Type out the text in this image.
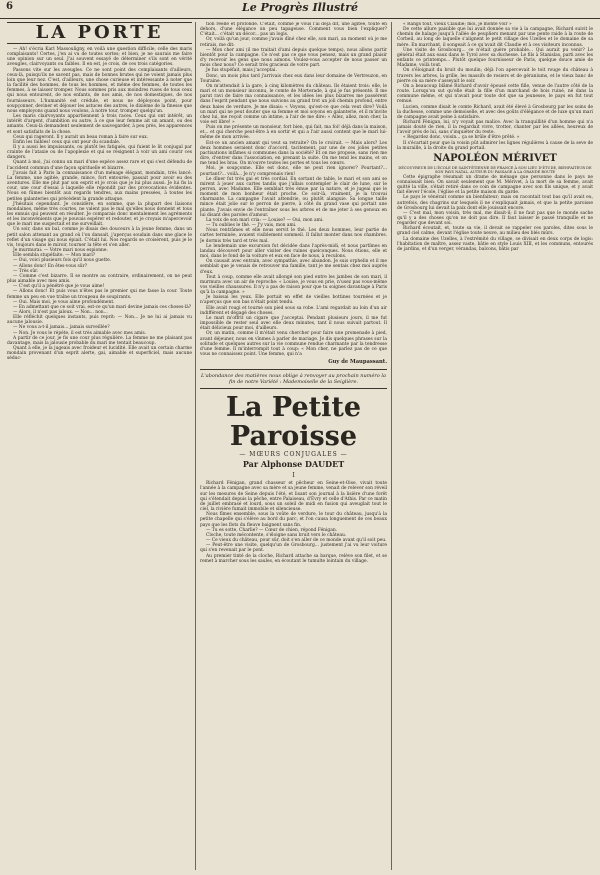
6	Le Progrès Illustré
LA PORTE

— Ah! s'écria Karl Massouligny, en voilà une question difficile, celle des maris complaisants! Certes, j'en ai vu de toutes sortes; et bien, je ne saurais me faire une opinion sur un seul. J'ai souvent essayé de déterminer s'ils sont en vérité aveugles, clairvoyants ou faibles. Il en est, je crois, de ces trois catégories.

Passons vite sur les aveugles. Ce ne sont point des complaisants d'ailleurs, ceux-là, puisqu'ils ne savent pas, mais de bonnes brutes qui ne voient jamais plus loin que leur nez. C'est, d'ailleurs, une chose curieuse et intéressante à noter que la facilité des hommes, de tous les hommes, et même des femmes, de toutes les femmes, à se laisser tromper. Nous sommes pris aux moindres ruses de tous ceux qui nous entourent, de nos enfants, de nos amis, de nos domestiques, de nos fournisseurs. L'humanité est crédule, et nous ne déployons point, pour soupçonner, deviner et déjouer les astuces des autres, le dixième de la finesse que nous employons quand nous voulons, à notre tour, tromper quelqu'un.

Les maris clairvoyants appartiennent à trois races. Ceux qui ont intérêt, un intérêt d'argent, d'ambition ou autre, à ce que leur femme ait un amant, ou des amants. Ceux-là demandent seulement de sauvegarder, à peu près, les apparences et sont satisfaits de la chose.

Ceux qui rageront. Il y aurait un beau roman à faire sur eux.

Enfin les faibles! ceux qui ont peur du scandale.

Il y a aussi les impuissants, ou plutôt les fatigués, qui fuient le lit conjugal par crainte de l'ataxie ou de l'apoplexie et qui se résignent à voir un ami courir ces dangers.

Quant à moi, j'ai connu un mari d'une espèce assez rare et qui s'est défendu de l'accident commun d'une façon spirituelle et bizarre.

J'avais fait à Paris la connaissance d'un ménage élégant, mondain, très lancé. La femme, une agitée, grande, mince, fort entourée, passait pour avoir eu des aventures. Elle me plut par son esprit et je crois que je lui plus aussi. Je lui fis la cour, une cour d'essai à laquelle elle répondit par des provocations évidentes. Nous en fûmes bientôt aux regards tendres, aux mains pressées, à toutes les petites galanteries qui précèdent la grande attaque.

J'hésitais cependant. Je considère, en somme, que la plupart des liaisons mondaines, même très courtes, ne valent pas le mal qu'elles nous donnent et tous les ennuis qui peuvent en résulter. Je comparais donc mentalement les agréments et les inconvénients que je pouvais espérer et redouter, et je croyais m'apercevoir que le mari me suspectait et me surveillait.

Un soir, dans un bal, comme je disais des douceurs à la jeune femme, dans un petit salon attenant au grand où l'on dansait, j'aperçus soudain dans une glace le reflet d'un visage qui nous épiait. C'était lui. Nos regards se croisèrent, puis je le vis, toujours dans le miroir, tourner la tête et s'en aller.

Je murmurai: — Votre mari nous espionne.

Elle sembla stupéfaite. — Mon mari?

— Oui, voici plusieurs fois qu'il nous guette.

— Allons donc! En êtes-vous sûr?

— Très sûr.

— Comme c'est bizarre. Il se montre au contraire, ordinairement, on ne peut plus aimable avec mes amis.

— C'est qu'il a pénétré que je vous aime!

— Allons donc! Et puis vous n'êtes pas le premier qui me fasse la cour. Toute femme un peu en vue traîne un troupeau de soupirants.

— Oui. Mais moi, je vous aime profondément.

— En admettant que ce soit vrai, est-ce qu'un mari devine jamais ces choses-là?

— Alors, il n'est pas jaloux. — Non... non...

Elle réfléchit quelques instants, puis reprit: — Non... Je ne lui ai jamais vu aucune jalousie.

— Ne vous a-t-il jamais... jamais surveillée?

— Non. Je vous le répète, il est très aimable avec mes amis.

A partir de ce jour, je fis une cour plus régulière. La femme ne me plaisant pas davantage, mais la jalousie probable du mari me tentait beaucoup.

Quant à elle, je la jugeais avec froideur et lucidité. Elle avait un certain charme mondain provenant d'un esprit alerte, gai, aimable et superficiel, mais aucune séduc-

tion réelle et profonde. C'était, comme je vous l'ai déjà dit, une agitée, toute en dehors, d'une élégance un peu tapageuse. Comment vous bien l'expliquer? C'était... c'était un décor... pas un logis.

Or, voilà qu'un jour, comme j'avais dîné chez elle, son mari, au moment où je me retirais, me dit:

— Mon cher ami (il me traitait d'ami depuis quelque temps), nous allons partir bientôt pour la campagne. Ce n'est pas ce que vous pensez, mais un grand plaisir d'y recevoir les gens que nous aimons. Voulez-vous accepter de nous passer un mois chez nous? Ce serait très gracieux de votre part.

Je fus stupéfait, mais j'acceptai.

Donc, un mois plus tard j'arrivais chez eux dans leur domaine de Vertreuzon, en Touraine.

On m'attendait à la gare, à cinq kilomètres du château. Ils étaient trois: elle, le mari et un monsieur inconnu, le comte de Morterade, à qui je fus présenté. Il me parut ravi de faire ma connaissance, et les idées les plus bizarres me passèrent dans l'esprit pendant que nous suivions au grand trot un joli chemin profond, entre deux haies de verdure. Je me disais: « Voyons, qu'est-ce que cela veut dire? Voilà un mari qui ne peut douter que sa femme et moi soyons en galanterie, et il m'invite chez lui, me reçoit comme un intime, a l'air de me dire: « Allez, allez, mon cher, la voie est libre! »

Puis on me présente un monsieur, fort bien, qui fait, ma foi! déjà dans la maison, et... et qui cherche peut-être à en sortir et qui a l'air aussi content que le mari lui-même de mon arrivée.

Est-ce un ancien amant qui veut sa retraite? On le croirait. — Mais alors? Les deux hommes seraient donc d'accord, tacitement, par une de ces jolies petites pactisations infâmes si communes dans la société? Et on me propose, sans rien me dire, d'entrer dans l'association, en prenant la suite. On me tend les mains, et on me tend les bras. On m'ouvre toutes les portes et tous les cœurs.

Moi, je soupçonne. Elle est donc, elle ne peut rien ignorer? Pourtant?... pourtant?... voilà... Je n'y comprenais rien!

Le dîner fut très gai et très cordial. En sortant de table, le mari et son ami se mirent à jouer aux cartes tandis que j'allais contempler le clair de lune, sur le perron, avec Madame. Elle semblait très émue par la nature, et je jugeai que le moment de mon bonheur était proche. Ce soir-là, vraiment, je la trouvai charmante. La campagne l'avait attendrie, ou plutôt alanguie. Sa longue taille mince était jolie sur le perron de pierre, à côté du grand vase qui portait une plante. J'avais envie de l'entraîner sous les arbres et de me jeter à ses genoux en lui disant des paroles d'amour.

La voix de son mari cria: — Louise? — Oui, mon ami.

— Tu oublies le thé. — J'y vais, mon ami.

Nous rentrâmes et elle nous servit le thé. Les deux hommes, leur partie de cartes terminée, avaient visiblement sommeil. Il fallut monter dans nos chambres. Je dormis très tard et très mal.

Le lendemain une excursion fut décidée dans l'après-midi, et nous partîmes en landau découvert pour aller visiter des ruines quelconques. Nous étions, elle et moi, dans le fond de la voiture et eux en face de nous, à reculons.

On causait avec entrain, avec sympathie, avec abandon. Je suis orphelin et il me semblait que je venais de retrouver ma famille, tant je me sentais chez moi auprès d'eux.

Tout à coup, comme elle avait allongé son pied entre les jambes de son mari, il murmura avec un air de reproche: « Louise, je vous en prie, n'usez pas vous-même vos vieilles chaussures. Il n'y a pas de raison pour que tu soignes davantage à Paris qu'à la campagne. »

Je baissai les yeux. Elle portait en effet de vieilles bottines tournées et je n'aperçus que son bas n'était point tendu.

Elle avait rougi et tourné son pied sous sa robe. L'ami regardait au loin d'un air indifférent et dégagé des choses.

Le mari m'offrit un cigare que j'acceptai. Pendant plusieurs jours, il me fut impossible de rester seul avec elle deux minutes, tant il nous suivait partout. Il était délicieux pour moi, d'ailleurs.

Or, un matin, comme il m'était venu chercher pour faire une promenade à pied, avant déjeuner, nous en vînmes à parler de mariage. Je dis quelques phrases sur la solitude et quelques autres sur la vie commune rendue charmante par la tendresse d'une femme. Il m'interrompit tout à coup: « Mon cher, ne parlez pas de ce que vous ne connaissez point. Une femme, qui n'a

Guy de Maupassant.
L'abondance des matières nous oblige à renvoyer au prochain numéro la fin de notre Variété : Mademoiselle de la Seiglière.
La Petite Paroisse
— MŒURS CONJUGALES —
Par Alphonse DAUDET
I

Richard Fénigan, grand chasseur et pêcheur en Seine-et-Oise, vivait toute l'année à la campagne avec sa mère et sa jeune femme, venait de relever son réveil sur les mesures de Seine depuis l'été, et lisant son journal à la lisière d'une forêt qui s'étendait depuis la pêche, entre Palaiseau, d'Évry et celle d'Athis. Par ce matin de juillet embrasé et lourd, sous un soleil de midi en fusion qui aveuglait tout le ciel, la rivière fumait immobile et silencieuse.

Nous fîmes ensemble, sous la voûte de verdure, le tour du château, jusqu'à la petite chapelle qui s'élève au bord du parc, et l'on causa longuement de ces beaux pays que les flots du fleuve baignent sans fin.

— Tu es sotte, Charlie? — Cœur de chien, répond Fénigan.

Cloche, toute mécontente, s'éloigne sans bruit vers le château.

— Ce vieux du château, pour sûr, doit s'en aller de ce monde avant qu'il soit peu.

— Peut-être une visite, quelqu'un de Grosbourg... justement j'ai vu leur voiture qui s'en revenait par le pont.

Au premier tinté de la cloche, Richard attache sa barque, relève son filet, et se remet à marcher sous les saules, en écoutant le tumulte lointain du village.

« Rangs tout, vieux Claudie; moi, je monte voir »

De cette allure paisible que lui avait donnée sa vie à la campagne, Richard suivit le chemin de halage jusqu'à l'allée de peupliers menant par une pente raide à la route de Corbeil, au long de laquelle s'alignent le petit village des Uzelles et le domaine de sa mère. En marchant, il songeait à ce qu'avait dit Claudie et à ces visiteurs inconnus.

Une visite de Grosbourg... ce n'était guère probable... Qui aurait pu venir? Le général était aux eaux dans le Tyrol avec sa duchesse. Le fils à Stanislas, parti avec les enfants ce printemps... Plutôt quelque fournisseur de Paris, quelque douce amie de Madame, voilà tout.

On s'éloignait du bruit du moulin; déjà l'on apercevait le toit rouge du château à travers les arbres, la grille, les massifs de rosiers et de géraniums, et le vieux banc de pierre où sa mère s'asseyait le soir.

On a beaucoup blâmé Richard d'avoir épousé cette fille, venue de l'autre côté de la route. Lorsqu'on sut qu'elle était la fille d'un marchand de bois ruiné, né dans la commune même, et qui n'avait pour toute dot que sa jeunesse, le pays en fut tout remué.

Lucien, comme disait le comte Richard, avait été élevé à Grosbourg par les soins de la duchesse, comme une demoiselle, et avec des goûts d'élégance et de luxe qu'un mari de campagne avait peine à satisfaire.

Richard Fénigan, lui, n'y voyait pas malice. Avec la tranquillité d'un homme qui n'a jamais douté de rien, il la regardait vivre, trotter, chanter par les allées, heureux de l'avoir près de lui, sans s'inquiéter du reste.

« Regardez donc, voisin... ça se brûle d'être prêté. »

Il s'écartait pour que la voisin pût admirer les lignes régulières à cause de la seve de la muraille, à la droite du grand portail.

NAPOLÉON MÉRIVET
DÉCOUVREUR DE L'ÉCOLE DE SAINT-ÉTIENNE DE FRANCE À SON LIEU D'ÉTUDE, BIENFAITEUR DE SON PAYS NATAL, AUTEUR DU PASSAGE À LA GRANDE ROUTE

Cette épigraphe résumait un drame de ménage que personne dans le pays ne connaissait bien. On savait seulement que M. Mérivet, à la mort de sa femme, avait quitté la ville, s'était retiré dans ce coin de campagne avec son fils unique, et y avait fait élever l'école, l'église et la petite maison du garde.

Le pays le vénérait comme un bienfaiteur; mais on racontait tout bas qu'il avait eu, autrefois, des chagrins sur lesquels il ne s'expliquait jamais, et que la petite paroisse de Grosbourg lui devait la paix dont elle jouissait encore.

— C'est mal, mon voisin, très mal, me disait-il; il ne faut pas que le monde sache qu'il y a des choses qu'on ne doit pas dire. Il faut laisser le passé tranquille et ne regarder que devant soi.

Richard écoutait, et, toute sa vie, il devait se rappeler ces paroles, dites sous le grand ciel calme, devant l'église toute neuve, au milieu des blés mûrs.

La domaine des Uzelles, à l'extrémité du village, se divisait en deux corps de logis: l'habitation de maître, assez vaste, bâtie en style Louis XIII, et les communs, entourés de jardins, et d'un verger, vérandas, balcons, bâtis par
